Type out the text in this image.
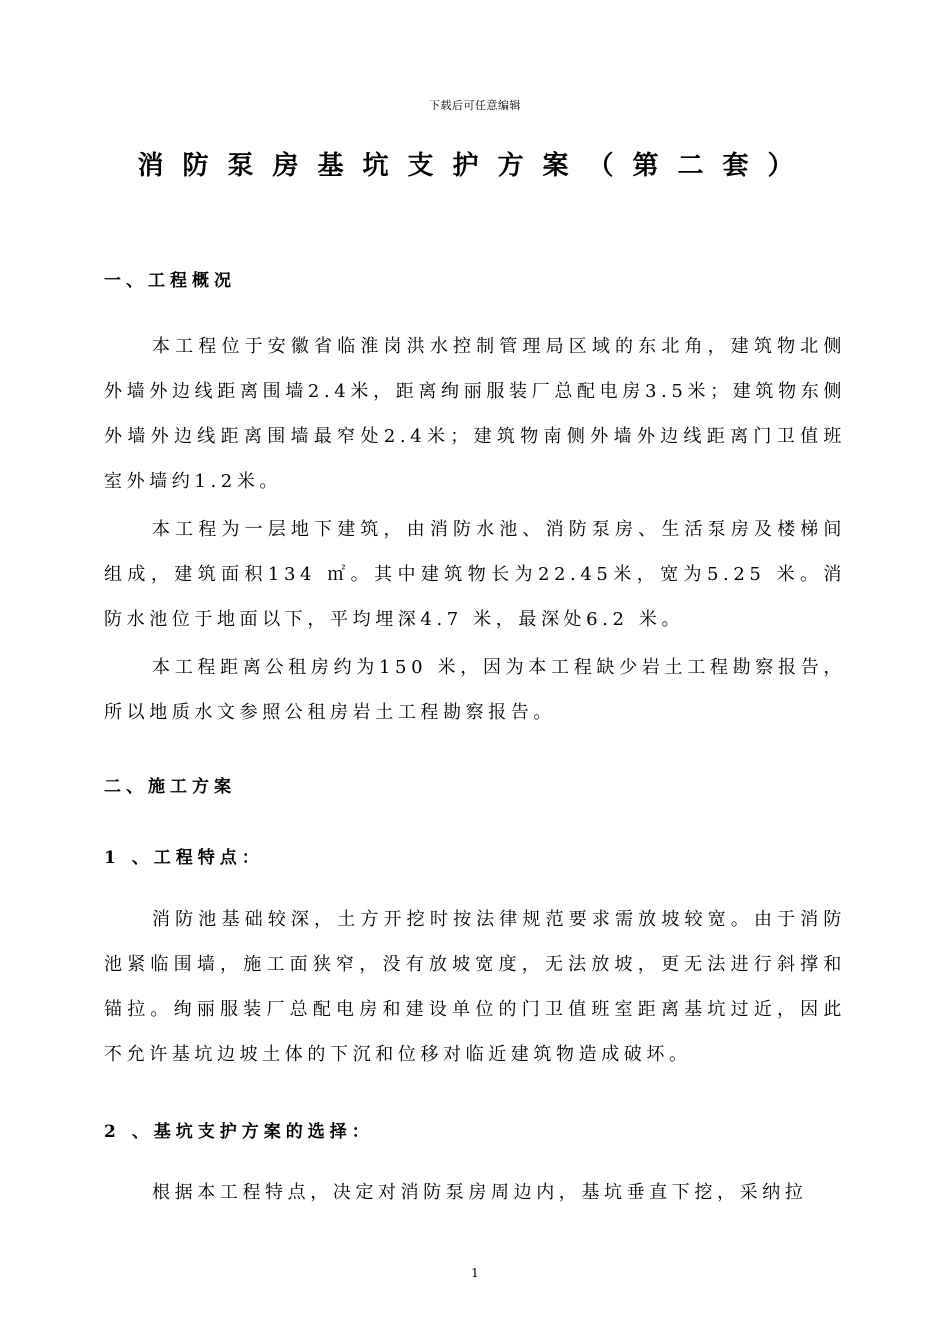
下载后可任意编辑
消防泵房基坑支护方案（第二套）
一、工程概况

本工程位于安徽省临淮岗洪水控制管理局区域的东北角，建筑物北侧外墙外边线距离围墙2.4米，距离绚丽服装厂总配电房3.5米；建筑物东侧外墙外边线距离围墙最窄处2.4米；建筑物南侧外墙外边线距离门卫值班室外墙约1.2米。

本工程为一层地下建筑，由消防水池、消防泵房、生活泵房及楼梯间组成，建筑面积134 ㎡。其中建筑物长为22.45米，宽为5.25 米。消防水池位于地面以下，平均埋深4.7 米，最深处6.2 米。

本工程距离公租房约为150 米，因为本工程缺少岩土工程勘察报告，所以地质水文参照公租房岩土工程勘察报告。

二、施工方案
1 、工程特点：

消防池基础较深，土方开挖时按法律规范要求需放坡较宽。由于消防池紧临围墙，施工面狭窄，没有放坡宽度，无法放坡，更无法进行斜撑和锚拉。绚丽服装厂总配电房和建设单位的门卫值班室距离基坑过近，因此不允许基坑边坡土体的下沉和位移对临近建筑物造成破坏。

2 、基坑支护方案的选择：

根据本工程特点，决定对消防泵房周边内，基坑垂直下挖，采纳拉

1
